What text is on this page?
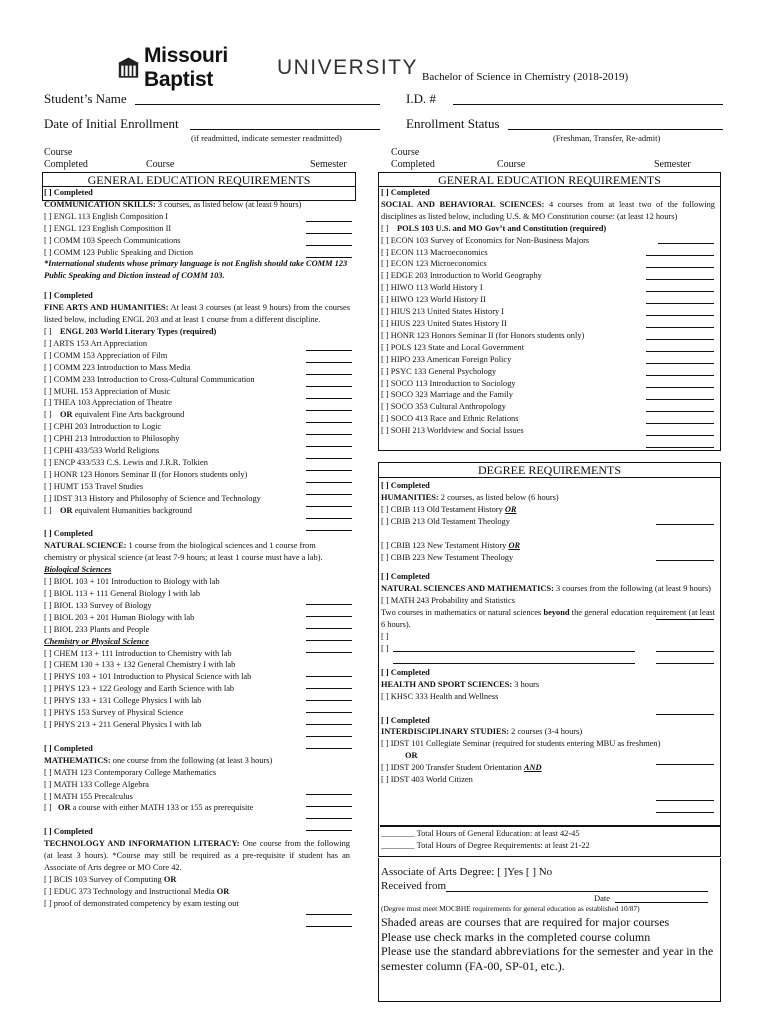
Missouri Baptist
UNIVERSITY Bachelor of Science in Chemistry (2018-2019)
Student’s Name	I.D. #
Date of Initial Enrollment	Enrollment Status
(if readmitted, indicate semester readmitted)	(Freshman, Transfer, Re-admit)
Course
Completed	Course	Semester
Course
Completed	Course	Semester
GENERAL EDUCATION REQUIREMENTS

[ ] Completed

COMMUNICATION SKILLS: 3 courses, as listed below (at least 9 hours)

[ ] ENGL 113 English Composition I

[ ] ENGL 123 English Composition II

[ ] COMM 103 Speech Communications

[ ] COMM 123 Public Speaking and Diction

*International students whose primary language is not English should take COMM 123 Public Speaking and Diction instead of COMM 103.

[ ] Completed

FINE ARTS AND HUMANITIES: At least 3 courses (at least 9 hours) from the courses listed below, including ENGL 203 and at least 1 course from a different discipline.

[ ] ENGL 203 World Literary Types (required)

[ ] ARTS 153 Art Appreciation

[ ] COMM 153 Appreciation of Film

[ ] COMM 223 Introduction to Mass Media

[ ] COMM 233 Introduction to Cross-Cultural Communication

[ ] MUHL 153 Appreciation of Music

[ ] THEA 103 Appreciation of Theatre

[ ] OR equivalent Fine Arts background

[ ] CPHI 203 Introduction to Logic

[ ] CPHI 213 Introduction to Philosophy

[ ] CPHI 433/533 World Religions

[ ] ENCP 433/533 C.S. Lewis and J.R.R. Tolkien

[ ] HONR 123 Honors Seminar II (for Honors students only)

[ ] HUMT 153 Travel Studies

[ ] IDST 313 History and Philosophy of Science and Technology

[ ] OR equivalent Humanities background

[ ] Completed

NATURAL SCIENCE: 1 course from the biological sciences and 1 course from chemistry or physical science (at least 7-9 hours; at least 1 course must have a lab).

Biological Sciences

[ ] BIOL 103 + 101 Introduction to Biology with lab

[ ] BIOL 113 + 111 General Biology I with lab

[ ] BIOL 133 Survey of Biology

[ ] BIOL 203 + 201 Human Biology with lab

[ ] BIOL 233 Plants and People

Chemistry or Physical Science

[ ] CHEM 113 + 111 Introduction to Chemistry with lab

[ ] CHEM 130 + 133 + 132 General Chemistry I with lab

[ ] PHYS 103 + 101 Introduction to Physical Science with lab

[ ] PHYS 123 + 122 Geology and Earth Science with lab

[ ] PHYS 133 + 131 College Physics I with lab

[ ] PHYS 153 Survey of Physical Science

[ ] PHYS 213 + 211 General Physics I with lab

[ ] Completed

MATHEMATICS: one course from the following (at least 3 hours)

[ ] MATH 123 Contemporary College Mathematics

[ ] MATH 133 College Algebra

[ ] MATH 155 Precalculus

[ ] OR a course with either MATH 133 or 155 as prerequisite

[ ] Completed

TECHNOLOGY AND INFORMATION LITERACY: One course from the following (at least 3 hours). *Course may still be required as a pre-requisite if student has an Associate of Arts degree or MO Core 42.

[ ] BCIS 103 Survey of Computing OR

[ ] EDUC 373 Technology and Instructional Media OR

[ ] proof of demonstrated competency by exam testing out

GENERAL EDUCATION REQUIREMENTS

[ ] Completed

SOCIAL AND BEHAVIORAL SCIENCES: 4 courses from at least two of the following disciplines as listed below, including U.S. & MO Constitution course: (at least 12 hours)

[ ] POLS 103 U.S. and MO Gov’t and Constitution (required)

[ ] ECON 103 Survey of Economics for Non-Business Majors

[ ] ECON 113 Macroeconomics

[ ] ECON 123 Microeconomics

[ ] EDGE 203 Introduction to World Geography

[ ] HIWO 113 World History I

[ ] HIWO 123 World History II

[ ] HIUS 213 United States History I

[ ] HIUS 223 United States History II

[ ] HONR 123 Honors Seminar II (for Honors students only)

[ ] POLS 123 State and Local Government

[ ] HIPO 233 American Foreign Policy

[ ] PSYC 133 General Psychology

[ ] SOCO 113 Introduction to Sociology

[ ] SOCO 323 Marriage and the Family

[ ] SOCO 353 Cultural Anthropology

[ ] SOCO 413 Race and Ethnic Relations

[ ] SOHI 213 Worldview and Social Issues

DEGREE REQUIREMENTS

[ ] Completed

HUMANITIES: 2 courses, as listed below (6 hours)

[ ] CBIB 113 Old Testament History OR

[ ] CBIB 213 Old Testament Theology

[ ] CBIB 123 New Testament History OR

[ ] CBIB 223 New Testament Theology

[ ] Completed

NATURAL SCIENCES AND MATHEMATICS: 3 courses from the following (at least 9 hours)

[ ] MATH 243 Probability and Statistics

Two courses in mathematics or natural sciences beyond the general education requirement (at least 6 hours).

[ ]

[ ]

[ ] Completed

HEALTH AND SPORT SCIENCES: 3 hours

[ ] KHSC 333 Health and Wellness

[ ] Completed

INTERDISCIPLINARY STUDIES: 2 courses (3-4 hours)

[ ] IDST 101 Collegiate Seminar (required for students entering MBU as freshmen)

OR

[ ] IDST 200 Transfer Student Orientation AND

[ ] IDST 403 World Citizen

________ Total Hours of General Education: at least 42-45

________ Total Hours of Degree Requirements: at least 21-22

Associate of Arts Degree: [ ]Yes [ ] No
Received from
Date
(Degree must meet MOCBHE requirements for general education as established 10/87)
Shaded areas are courses that are required for major courses
Please use check marks in the completed course column
Please use the standard abbreviations for the semester and year in the semester column (FA-00, SP-01, etc.).
